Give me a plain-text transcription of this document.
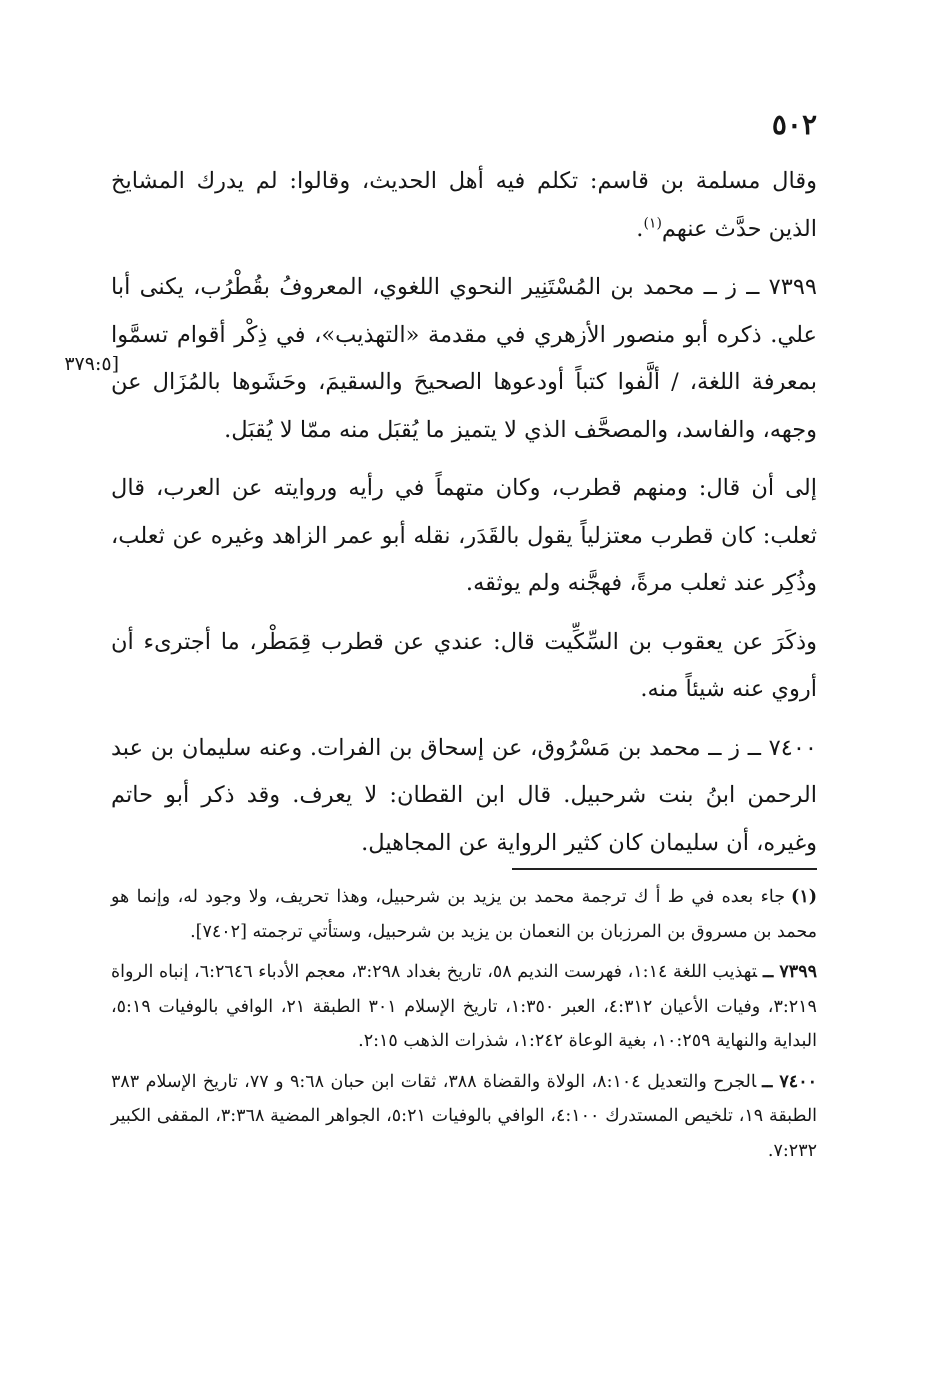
٥٠٢
[٣٧٩:٥

وقال مسلمة بن قاسم: تكلم فيه أهل الحديث، وقالوا: لم يدرك المشايخ الذين حدَّث عنهم$^{(١)}$.

٧٣٩٩ ــ ز ــ محمد بن المُسْتَنِير النحوي اللغوي، المعروفُ بقُطْرُب، يكنى أبا علي. ذكره أبو منصور الأزهري في مقدمة «التهذيب»، في ذِكْر أقوام تسمَّوا بمعرفة اللغة، / ألَّفوا كتباً أودعوها الصحيحَ والسقيمَ، وحَشَوها بالمُزَال عن وجهه، والفاسد، والمصحَّف الذي لا يتميز ما يُقبَل منه ممّا لا يُقبَل.

إلى أن قال: ومنهم قطرب، وكان متهماً في رأيه وروايته عن العرب، قال ثعلب: كان قطرب معتزلياً يقول بالقَدَر، نقله أبو عمر الزاهد وغيره عن ثعلب، وذُكِر عند ثعلب مرةً، فهجَّنه ولم يوثقه.

وذكَرَ عن يعقوب بن السِّكِّيت قال: عندي عن قطرب قِمَطْر، ما أجترىء أن أروي عنه شيئاً منه.

٧٤٠٠ ــ ز ــ محمد بن مَسْرُوق، عن إسحاق بن الفرات. وعنه سليمان بن عبد الرحمن ابنُ بنت شرحبيل. قال ابن القطان: لا يعرف. وقد ذكر أبو حاتم وغيره، أن سليمان كان كثير الرواية عن المجاهيل.

(١)جاء بعده في ط أ ك ترجمة محمد بن يزيد بن شرحبيل، وهذا تحريف، ولا وجود له، وإنما هو محمد بن مسروق بن المرزبان بن النعمان بن يزيد بن شرحبيل، وستأتي ترجمته [٧٤٠٢].
٧٣٩٩ ــتهذيب اللغة ١:١٤، فهرست النديم ٥٨، تاريخ بغداد ٣:٢٩٨، معجم الأدباء ٦:٢٦٤٦، إنباه الرواة ٣:٢١٩، وفيات الأعيان ٤:٣١٢، العبر ١:٣٥٠، تاريخ الإسلام ٣٠١ الطبقة ٢١، الوافي بالوفيات ٥:١٩، البداية والنهاية ١٠:٢٥٩، بغية الوعاة ١:٢٤٢، شذرات الذهب ٢:١٥.
٧٤٠٠ ــالجرح والتعديل ٨:١٠٤، الولاة والقضاة ٣٨٨، ثقات ابن حبان ٩:٦٨ و ٧٧، تاريخ الإسلام ٣٨٣ الطبقة ١٩، تلخيص المستدرك ٤:١٠٠، الوافي بالوفيات ٥:٢١، الجواهر المضية ٣:٣٦٨، المقفى الكبير ٧:٢٣٢.
